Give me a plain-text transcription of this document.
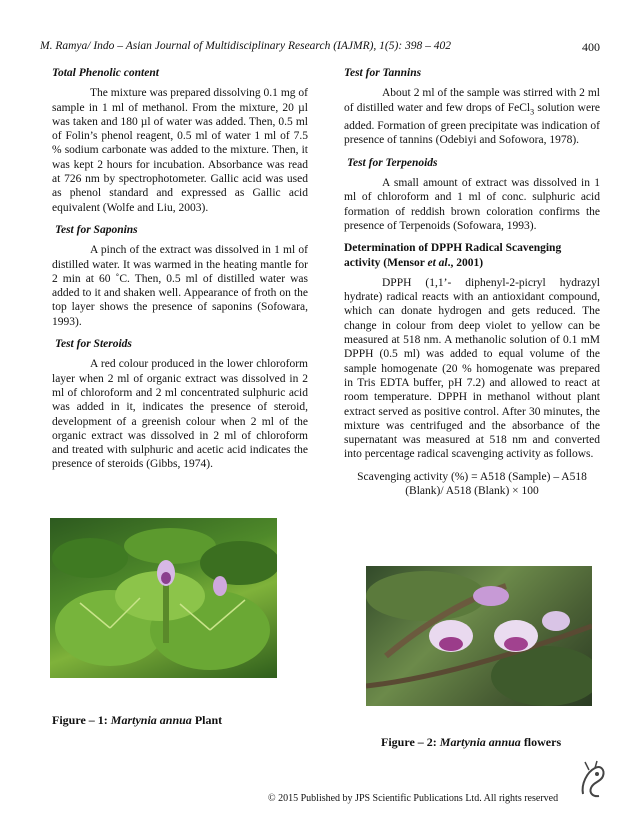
M. Ramya/ Indo – Asian Journal of Multidisciplinary Research (IAJMR), 1(5): 398 – 402	400
Total Phenolic content

The mixture was prepared dissolving 0.1 mg of sample in 1 ml of methanol. From the mixture, 20 µl was taken and 180 µl of water was added. Then, 0.5 ml of Folin’s phenol reagent, 0.5 ml of water 1 ml of 7.5 % sodium carbonate was added to the mixture. Then, it was kept 2 hours for incubation. Absorbance was read at 726 nm by spectrophotometer. Gallic acid was used as phenol standard and expressed as Gallic acid equivalent (Wolfe and Liu, 2003).

Test for Saponins

A pinch of the extract was dissolved in 1 ml of distilled water. It was warmed in the heating mantle for 2 min at 60 ˚C. Then, 0.5 ml of distilled water was added to it and shaken well. Appearance of froth on the top layer shows the presence of saponins (Sofowara, 1993).

Test for Steroids

A red colour produced in the lower chloroform layer when 2 ml of organic extract was dissolved in 2 ml of chloroform and 2 ml concentrated sulphuric acid was added in it, indicates the presence of steroid, development of a greenish colour when 2 ml of the organic extract was dissolved in 2 ml of chloroform and treated with sulphuric and acetic acid indicates the presence of steroids (Gibbs, 1974).

Test for Tannins

About 2 ml of the sample was stirred with 2 ml of distilled water and few drops of FeCl$_3$ solution were added. Formation of green precipitate was indication of presence of tannins (Odebiyi and Sofowora, 1978).

Test for Terpenoids

A small amount of extract was dissolved in 1 ml of chloroform and 1 ml of conc. sulphuric acid formation of reddish brown coloration confirms the presence of Terpenoids (Sofowara, 1993).

Determination of DPPH Radical Scavenging activity (Mensor et al., 2001)

DPPH (1,1’- diphenyl-2-picryl hydrazyl hydrate) radical reacts with an antioxidant compound, which can donate hydrogen and gets reduced. The change in colour from deep violet to yellow can be measured at 518 nm. A methanolic solution of 0.1 mM DPPH (0.5 ml) was added to equal volume of the sample homogenate (20 % homogenate was prepared in Tris EDTA buffer, pH 7.2) and allowed to react at room temperature. DPPH in methanol without plant extract served as positive control. After 30 minutes, the mixture was centrifuged and the absorbance of the supernatant was measured at 518 nm and converted into percentage radical scavenging activity as follows.

Scavenging activity (%) = A518 (Sample) – A518
(Blank)/ A518 (Blank) × 100
Figure – 1: Martynia annua Plant
Figure – 2: Martynia annua flowers
© 2015 Published by JPS Scientific Publications Ltd. All rights reserved
